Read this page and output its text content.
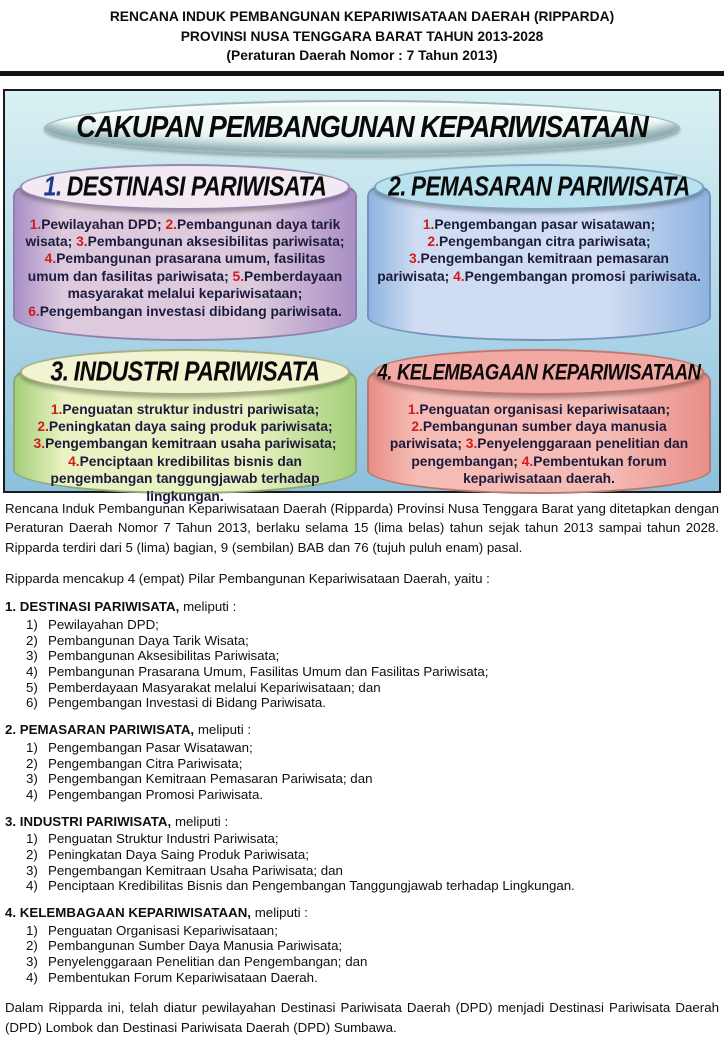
RENCANA INDUK PEMBANGUNAN KEPARIWISATAAN DAERAH (RIPPARDA)
PROVINSI NUSA TENGGARA BARAT TAHUN 2013-2028
(Peraturan Daerah Nomor : 7 Tahun 2013)
CAKUPAN PEMBANGUNAN KEPARIWISATAAN
1.Pewilayahan DPD; 2.Pembangunan daya tarik wisata; 3.Pembangunan aksesibilitas pariwisata; 4.Pembangunan prasarana umum, fasilitas umum dan fasilitas pariwisata; 5.Pemberdayaan masyarakat melalui kepariwisataan; 6.Pengembangan investasi dibidang pariwisata.
1. DESTINASI PARIWISATA
1.Pengembangan pasar wisatawan; 2.Pengembangan citra pariwisata; 3.Pengembangan kemitraan pemasaran pariwisata; 4.Pengembangan promosi pariwisata.
2. PEMASARAN PARIWISATA
1.Penguatan struktur industri pariwisata; 2.Peningkatan daya saing produk pariwisata; 3.Pengembangan kemitraan usaha pariwisata; 4.Penciptaan kredibilitas bisnis dan pengembangan tanggungjawab terhadap lingkungan.
3. INDUSTRI PARIWISATA
1.Penguatan organisasi kepariwisataan; 2.Pembangunan sumber daya manusia pariwisata; 3.Penyelenggaraan penelitian dan pengembangan; 4.Pembentukan forum kepariwisataan daerah.
4. KELEMBAGAAN KEPARIWISATAAN

Rencana Induk Pembangunan Kepariwisataan Daerah (Ripparda) Provinsi Nusa Tenggara Barat yang ditetapkan dengan Peraturan Daerah Nomor 7 Tahun 2013, berlaku selama 15 (lima belas) tahun sejak tahun 2013 sampai tahun 2028. Ripparda terdiri dari 5 (lima) bagian, 9 (sembilan) BAB dan 76 (tujuh puluh enam) pasal.

Ripparda mencakup 4 (empat) Pilar Pembangunan Kepariwisataan Daerah, yaitu :

1. DESTINASI PARIWISATA, meliputi :
1) Pewilayahan DPD;
2) Pembangunan Daya Tarik Wisata;
3) Pembangunan Aksesibilitas Pariwisata;
4) Pembangunan Prasarana Umum, Fasilitas Umum dan Fasilitas Pariwisata;
5) Pemberdayaan Masyarakat melalui Kepariwisataan; dan
6) Pengembangan Investasi di Bidang Pariwisata.
2. PEMASARAN PARIWISATA, meliputi :
1) Pengembangan Pasar Wisatawan;
2) Pengembangan Citra Pariwisata;
3) Pengembangan Kemitraan Pemasaran Pariwisata; dan
4) Pengembangan Promosi Pariwisata.
3. INDUSTRI PARIWISATA, meliputi :
1) Penguatan Struktur Industri Pariwisata;
2) Peningkatan Daya Saing Produk Pariwisata;
3) Pengembangan Kemitraan Usaha Pariwisata; dan
4) Penciptaan Kredibilitas Bisnis dan Pengembangan Tanggungjawab terhadap Lingkungan.
4. KELEMBAGAAN KEPARIWISATAAN, meliputi :
1) Penguatan Organisasi Kepariwisataan;
2) Pembangunan Sumber Daya Manusia Pariwisata;
3) Penyelenggaraan Penelitian dan Pengembangan; dan
4) Pembentukan Forum Kepariwisataan Daerah.

Dalam Ripparda ini, telah diatur pewilayahan Destinasi Pariwisata Daerah (DPD) menjadi Destinasi Pariwisata Daerah (DPD) Lombok dan Destinasi Pariwisata Daerah (DPD) Sumbawa.
